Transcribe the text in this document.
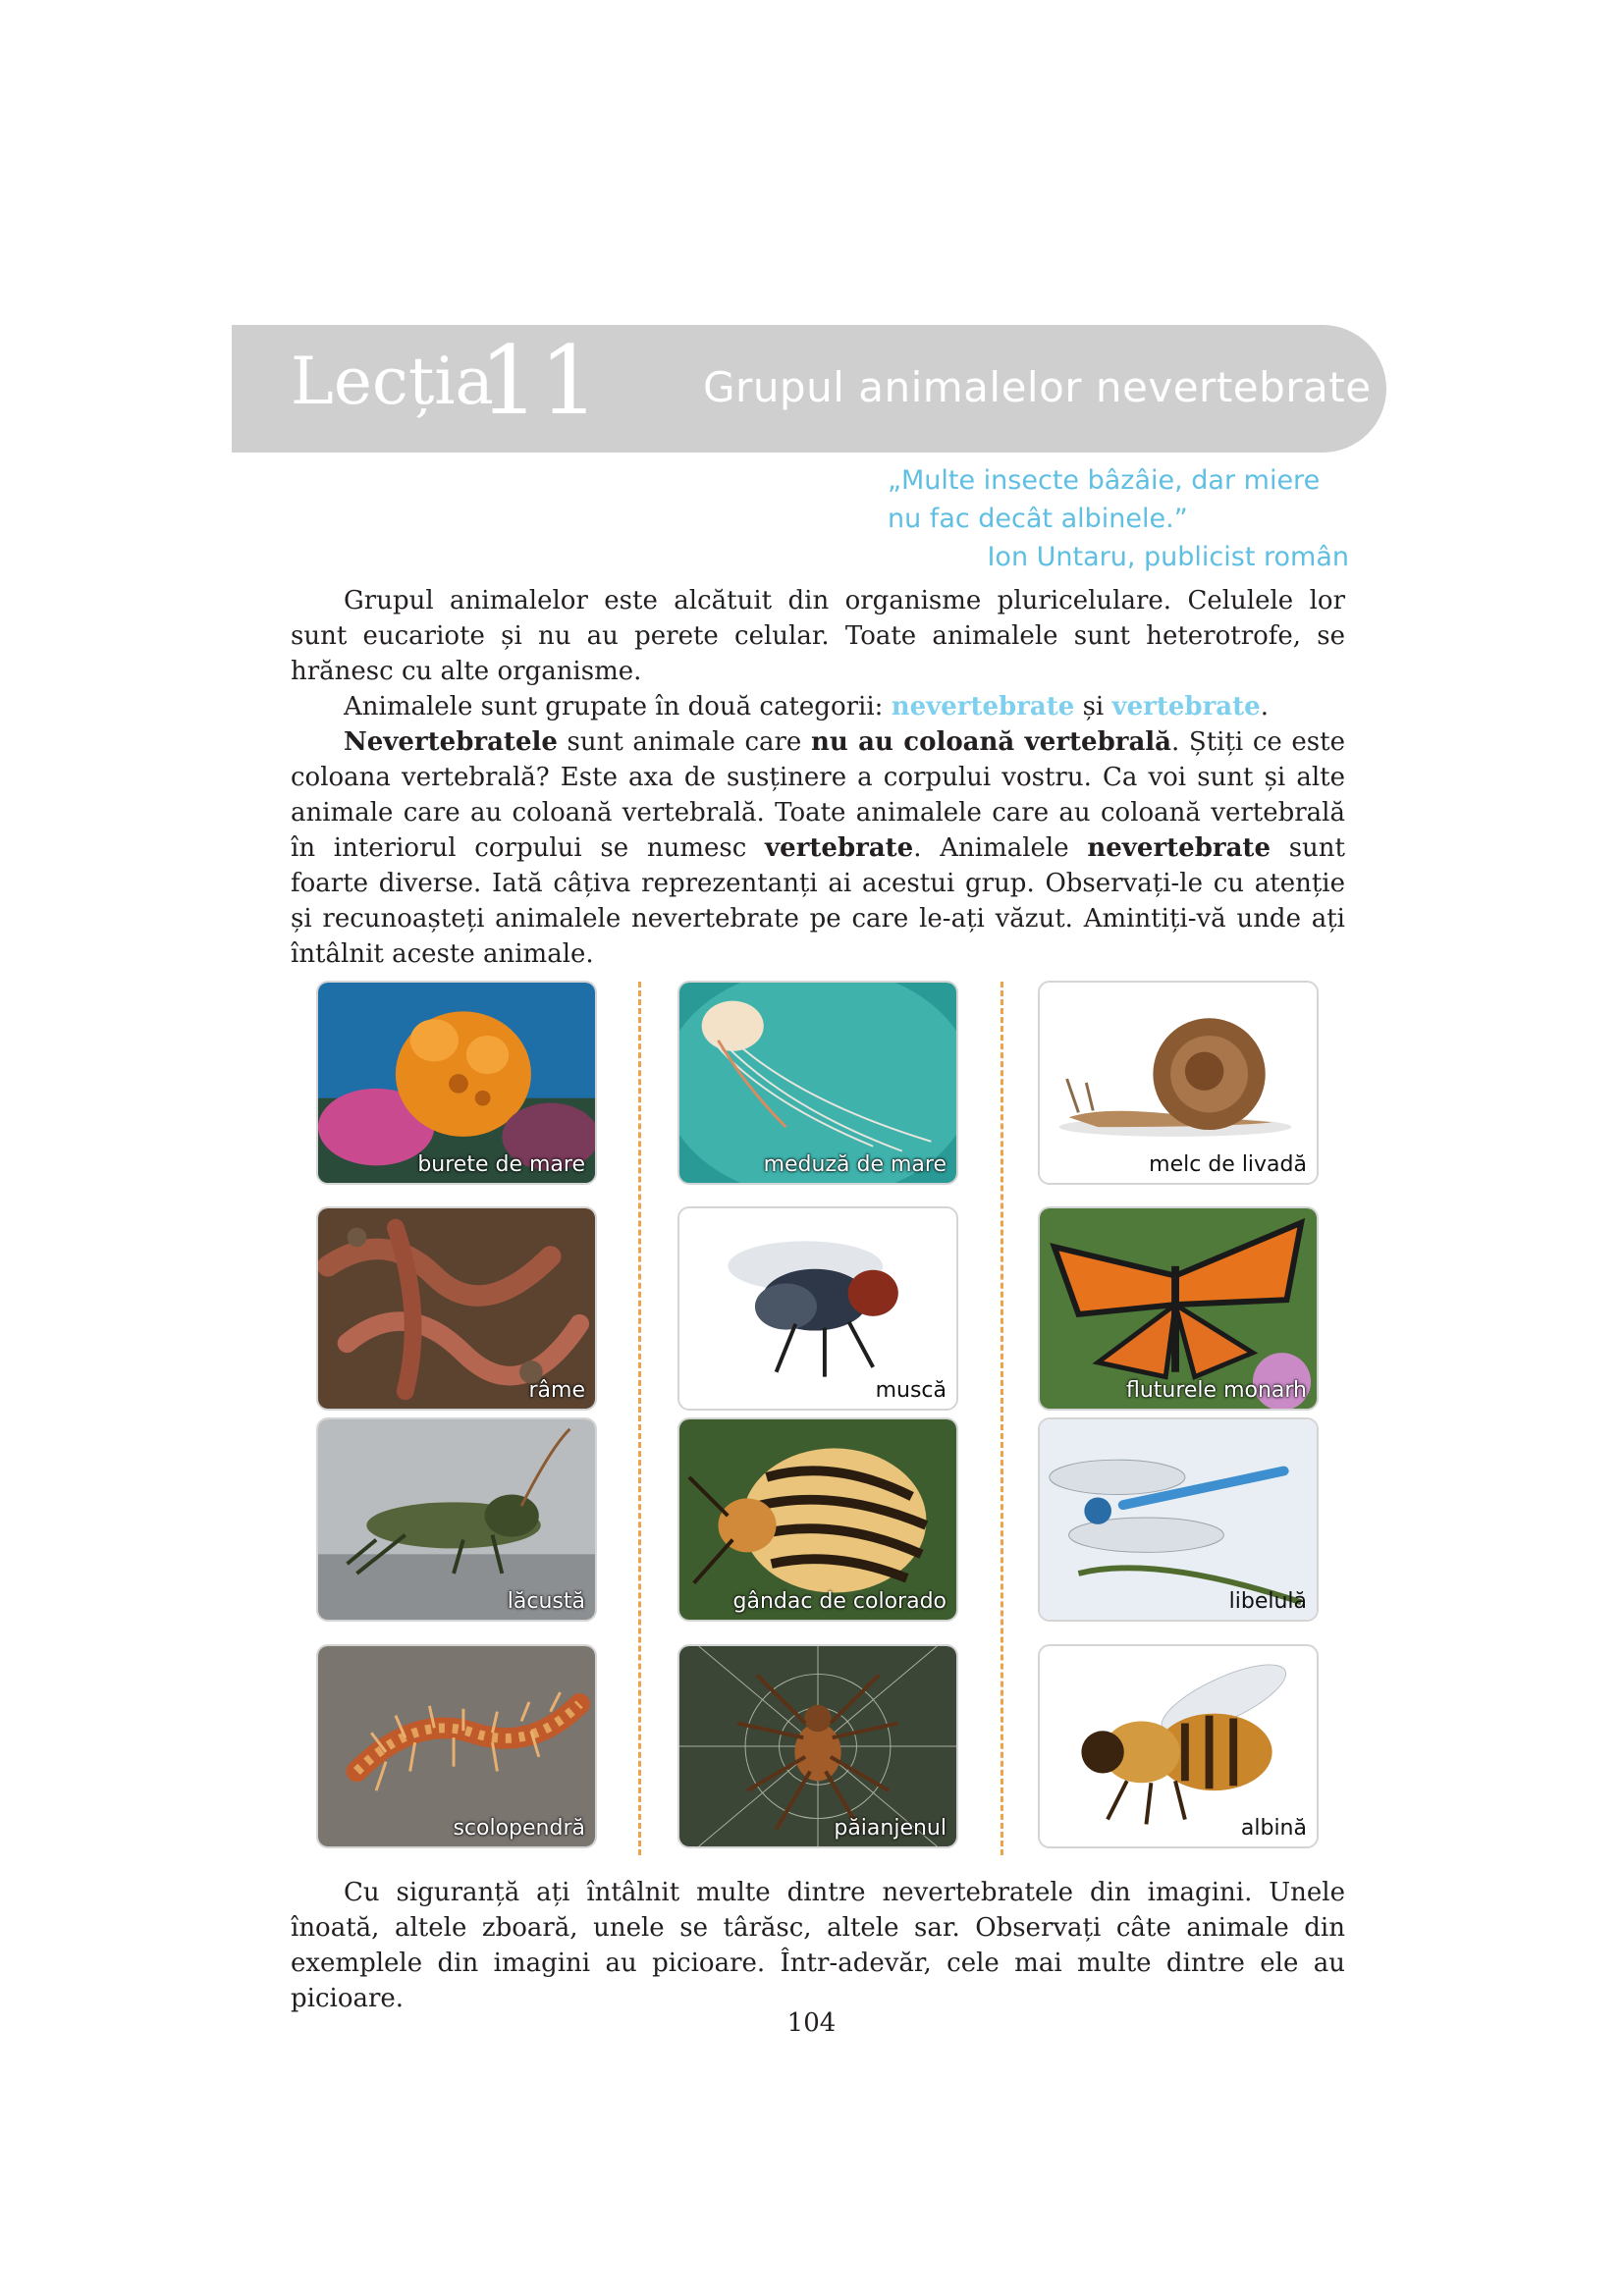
Lecția
11	Grupul animalelor nevertebrate
„Multe insecte bâzâie, dar miere
nu fac decât albinele.”
Ion Untaru, publicist român

Grupul animalelor este alcătuit din organisme pluricelulare. Celulele lor sunt eucariote și nu au perete celular. Toate animalele sunt heterotrofe, se hrănesc cu alte organisme.

Animalele sunt grupate în două categorii: nevertebrate și vertebrate.

Nevertebratele sunt animale care nu au coloană vertebrală. Știți ce este coloana vertebrală? Este axa de susținere a corpului vostru. Ca voi sunt și alte animale care au coloană vertebrală. Toate animalele care au coloană vertebrală în interiorul corpului se numesc vertebrate. Animalele nevertebrate sunt foarte diverse. Iată câțiva reprezentanți ai acestui grup. Observați-le cu atenție și recunoașteți animalele nevertebrate pe care le-ați văzut. Amintiți-vă unde ați întâlnit aceste animale.

burete de mare	meduză de mare	melc de livadă
râme	muscă	fluturele monarh
lăcustă	gândac de colorado	libelulă
scolopendră	păianjenul	albină

Cu siguranță ați întâlnit multe dintre nevertebratele din imagini. Unele înoată, altele zboară, unele se târăsc, altele sar. Observați câte animale din exemplele din imagini au picioare. Într-adevăr, cele mai multe dintre ele au picioare.

104
